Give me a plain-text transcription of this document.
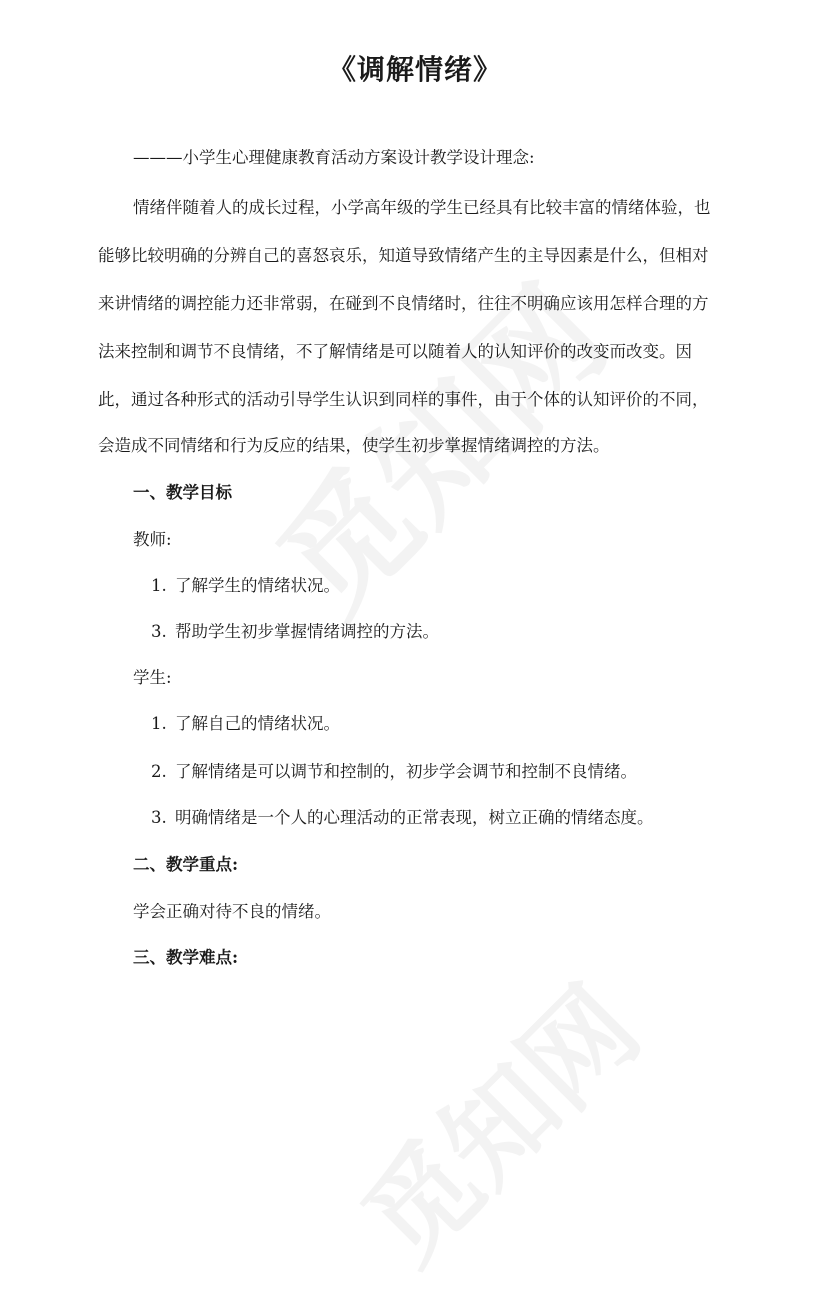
《调解情绪》
———小学生心理健康教育活动方案设计教学设计理念:
情绪伴随着人的成长过程，小学高年级的学生已经具有比较丰富的情绪体验，也
能够比较明确的分辨自己的喜怒哀乐，知道导致情绪产生的主导因素是什么，但相对
来讲情绪的调控能力还非常弱，在碰到不良情绪时，往往不明确应该用怎样合理的方
法来控制和调节不良情绪，不了解情绪是可以随着人的认知评价的改变而改变。因
此，通过各种形式的活动引导学生认识到同样的事件，由于个体的认知评价的不同，
会造成不同情绪和行为反应的结果，使学生初步掌握情绪调控的方法。
一、教学目标
教师:
1. 了解学生的情绪状况。
3. 帮助学生初步掌握情绪调控的方法。
学生:
1. 了解自己的情绪状况。
2. 了解情绪是可以调节和控制的，初步学会调节和控制不良情绪。
3. 明确情绪是一个人的心理活动的正常表现，树立正确的情绪态度。
二、教学重点:
学会正确对待不良的情绪。
三、教学难点:
